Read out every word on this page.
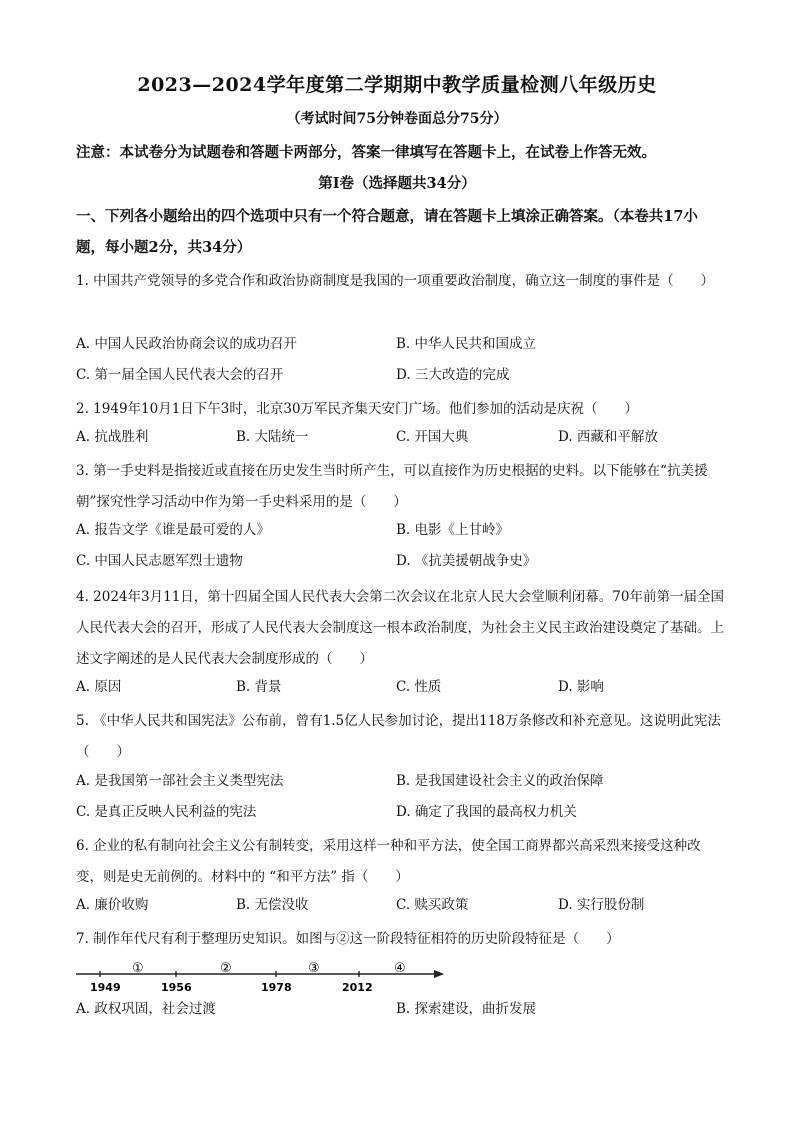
2023—2024学年度第二学期期中教学质量检测八年级历史
（考试时间75分钟卷面总分75分）
注意：本试卷分为试题卷和答题卡两部分，答案一律填写在答题卡上，在试卷上作答无效。
第Ⅰ卷（选择题共34分）
一、下列各小题给出的四个选项中只有一个符合题意，请在答题卡上填涂正确答案。（本卷共17小题，每小题2分，共34分）
1. 中国共产党领导的多党合作和政治协商制度是我国的一项重要政治制度，确立这一制度的事件是（　　）
A. 中国人民政治协商会议的成功召开	B. 中华人民共和国成立
C. 第一届全国人民代表大会的召开	D. 三大改造的完成
2. 1949年10月1日下午3时，北京30万军民齐集天安门广场。他们参加的活动是庆祝（　　）
A. 抗战胜利	B. 大陆统一	C. 开国大典	D. 西藏和平解放
3. 第一手史料是指接近或直接在历史发生当时所产生，可以直接作为历史根据的史料。以下能够在“抗美援朝”探究性学习活动中作为第一手史料采用的是（　　）
A. 报告文学《谁是最可爱的人》	B. 电影《上甘岭》
C. 中国人民志愿军烈士遗物	D. 《抗美援朝战争史》
4. 2024年3月11日，第十四届全国人民代表大会第二次会议在北京人民大会堂顺利闭幕。70年前第一届全国人民代表大会的召开，形成了人民代表大会制度这一根本政治制度，为社会主义民主政治建设奠定了基础。上述文字阐述的是人民代表大会制度形成的（　　）
A. 原因	B. 背景	C. 性质	D. 影响
5. 《中华人民共和国宪法》公布前，曾有1.5亿人民参加讨论，提出118万条修改和补充意见。这说明此宪法（　　）
A. 是我国第一部社会主义类型宪法	B. 是我国建设社会主义的政治保障
C. 是真正反映人民利益的宪法	D. 确定了我国的最高权力机关
6. 企业的私有制向社会主义公有制转变，采用这样一种和平方法，使全国工商界都兴高采烈来接受这种改变，则是史无前例的。材料中的 “和平方法” 指（　　）
A. 廉价收购	B. 无偿没收	C. 赎买政策	D. 实行股份制
7. 制作年代尺有利于整理历史知识。如图与②这一阶段特征相符的历史阶段特征是（　　）
1949	1956	1978	2012
①	②	③	④
A. 政权巩固，社会过渡	B. 探索建设，曲折发展
